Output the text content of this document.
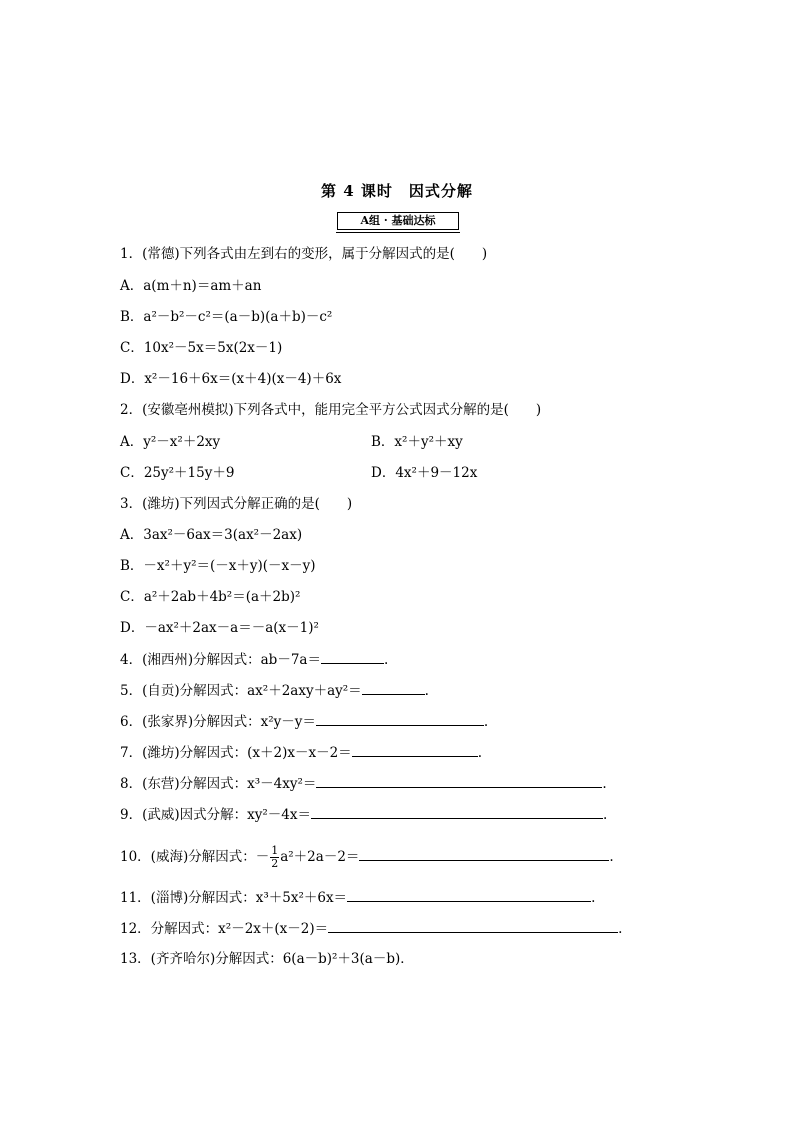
第 4 课时　因式分解
A组 · 基础达标
1．(常德)下列各式由左到右的变形，属于分解因式的是(　　)
A．a(m＋n)＝am＋an
B．a²－b²－c²＝(a－b)(a＋b)－c²
C．10x²－5x＝5x(2x－1)
D．x²－16＋6x＝(x＋4)(x－4)＋6x
2．(安徽亳州模拟)下列各式中，能用完全平方公式因式分解的是(　　)
A．y²－x²＋2xy	B．x²＋y²＋xy
C．25y²＋15y＋9	D．4x²＋9－12x
3．(潍坊)下列因式分解正确的是(　　)
A．3ax²－6ax＝3(ax²－2ax)
B．－x²＋y²＝(－x＋y)(－x－y)
C．a²＋2ab＋4b²＝(a＋2b)²
D．－ax²＋2ax－a＝－a(x－1)²
4．(湘西州)分解因式：ab－7a＝	.
5．(自贡)分解因式：ax²＋2axy＋ay²＝	.
6．(张家界)分解因式：x²y－y＝	.
7．(潍坊)分解因式：(x＋2)x－x－2＝	.
8．(东营)分解因式：x³－4xy²＝	.
9．(武威)因式分解：xy²－4x＝	.
10．(威海)分解因式：－ $\frac{1}{2} a^2+2a-2=$	.
11．(淄博)分解因式：x³＋5x²＋6x＝	.
12．分解因式：x²－2x＋(x－2)＝	.
13．(齐齐哈尔)分解因式：6(a－b)²＋3(a－b)．
